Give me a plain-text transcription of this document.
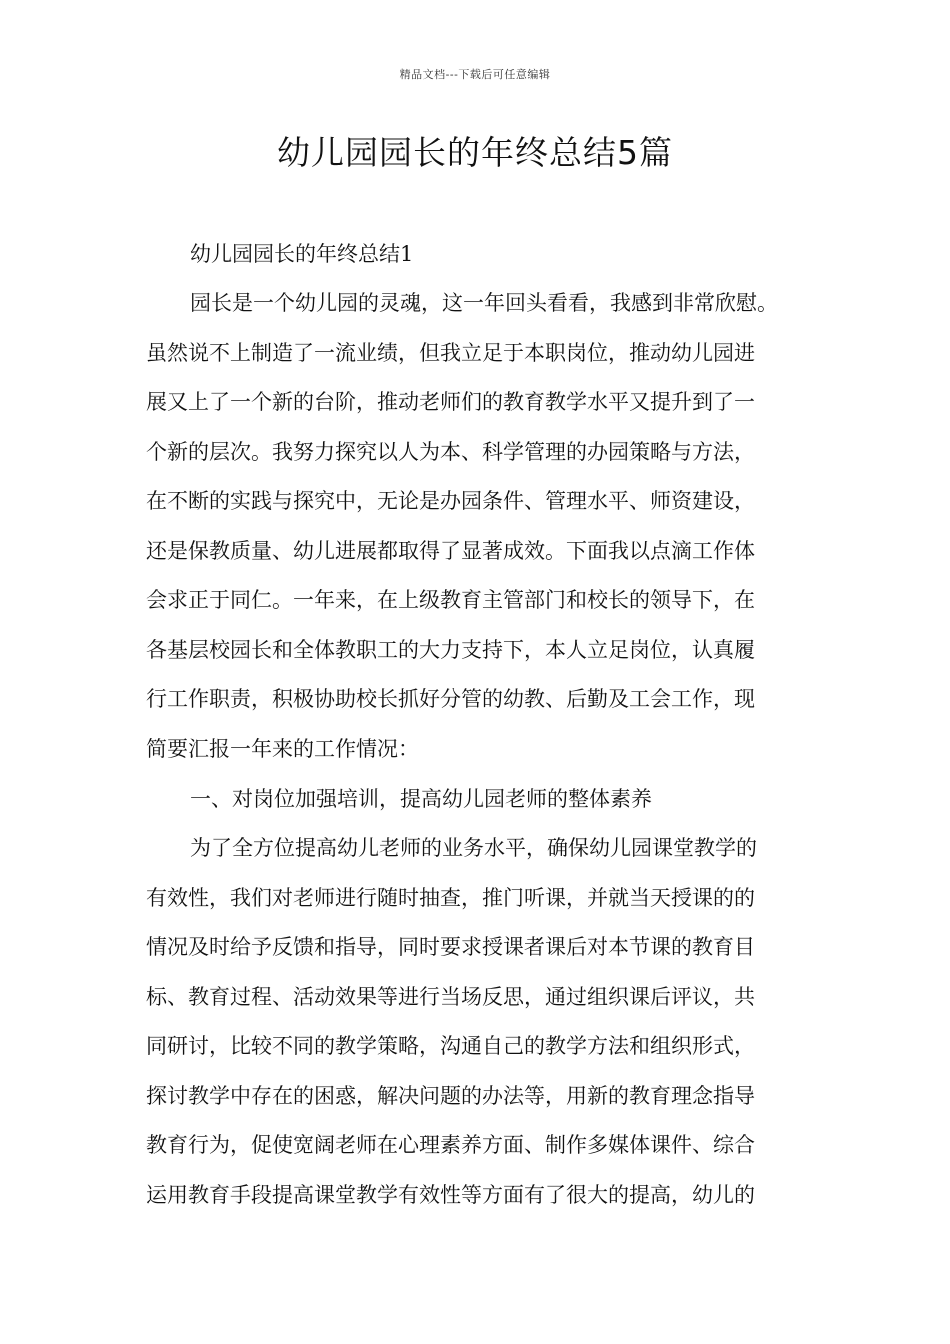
精品文档---下载后可任意编辑
幼儿园园长的年终总结5篇
幼儿园园长的年终总结1
园长是一个幼儿园的灵魂，这一年回头看看，我感到非常欣慰。
虽然说不上制造了一流业绩，但我立足于本职岗位，推动幼儿园进
展又上了一个新的台阶，推动老师们的教育教学水平又提升到了一
个新的层次。我努力探究以人为本、科学管理的办园策略与方法，
在不断的实践与探究中，无论是办园条件、管理水平、师资建设，
还是保教质量、幼儿进展都取得了显著成效。下面我以点滴工作体
会求正于同仁。一年来，在上级教育主管部门和校长的领导下，在
各基层校园长和全体教职工的大力支持下，本人立足岗位，认真履
行工作职责，积极协助校长抓好分管的幼教、后勤及工会工作，现
简要汇报一年来的工作情况：
一、对岗位加强培训，提高幼儿园老师的整体素养
为了全方位提高幼儿老师的业务水平，确保幼儿园课堂教学的
有效性，我们对老师进行随时抽查，推门听课，并就当天授课的的
情况及时给予反馈和指导，同时要求授课者课后对本节课的教育目
标、教育过程、活动效果等进行当场反思，通过组织课后评议，共
同研讨，比较不同的教学策略，沟通自己的教学方法和组织形式，
探讨教学中存在的困惑，解决问题的办法等，用新的教育理念指导
教育行为，促使宽阔老师在心理素养方面、制作多媒体课件、综合
运用教育手段提高课堂教学有效性等方面有了很大的提高，幼儿的
